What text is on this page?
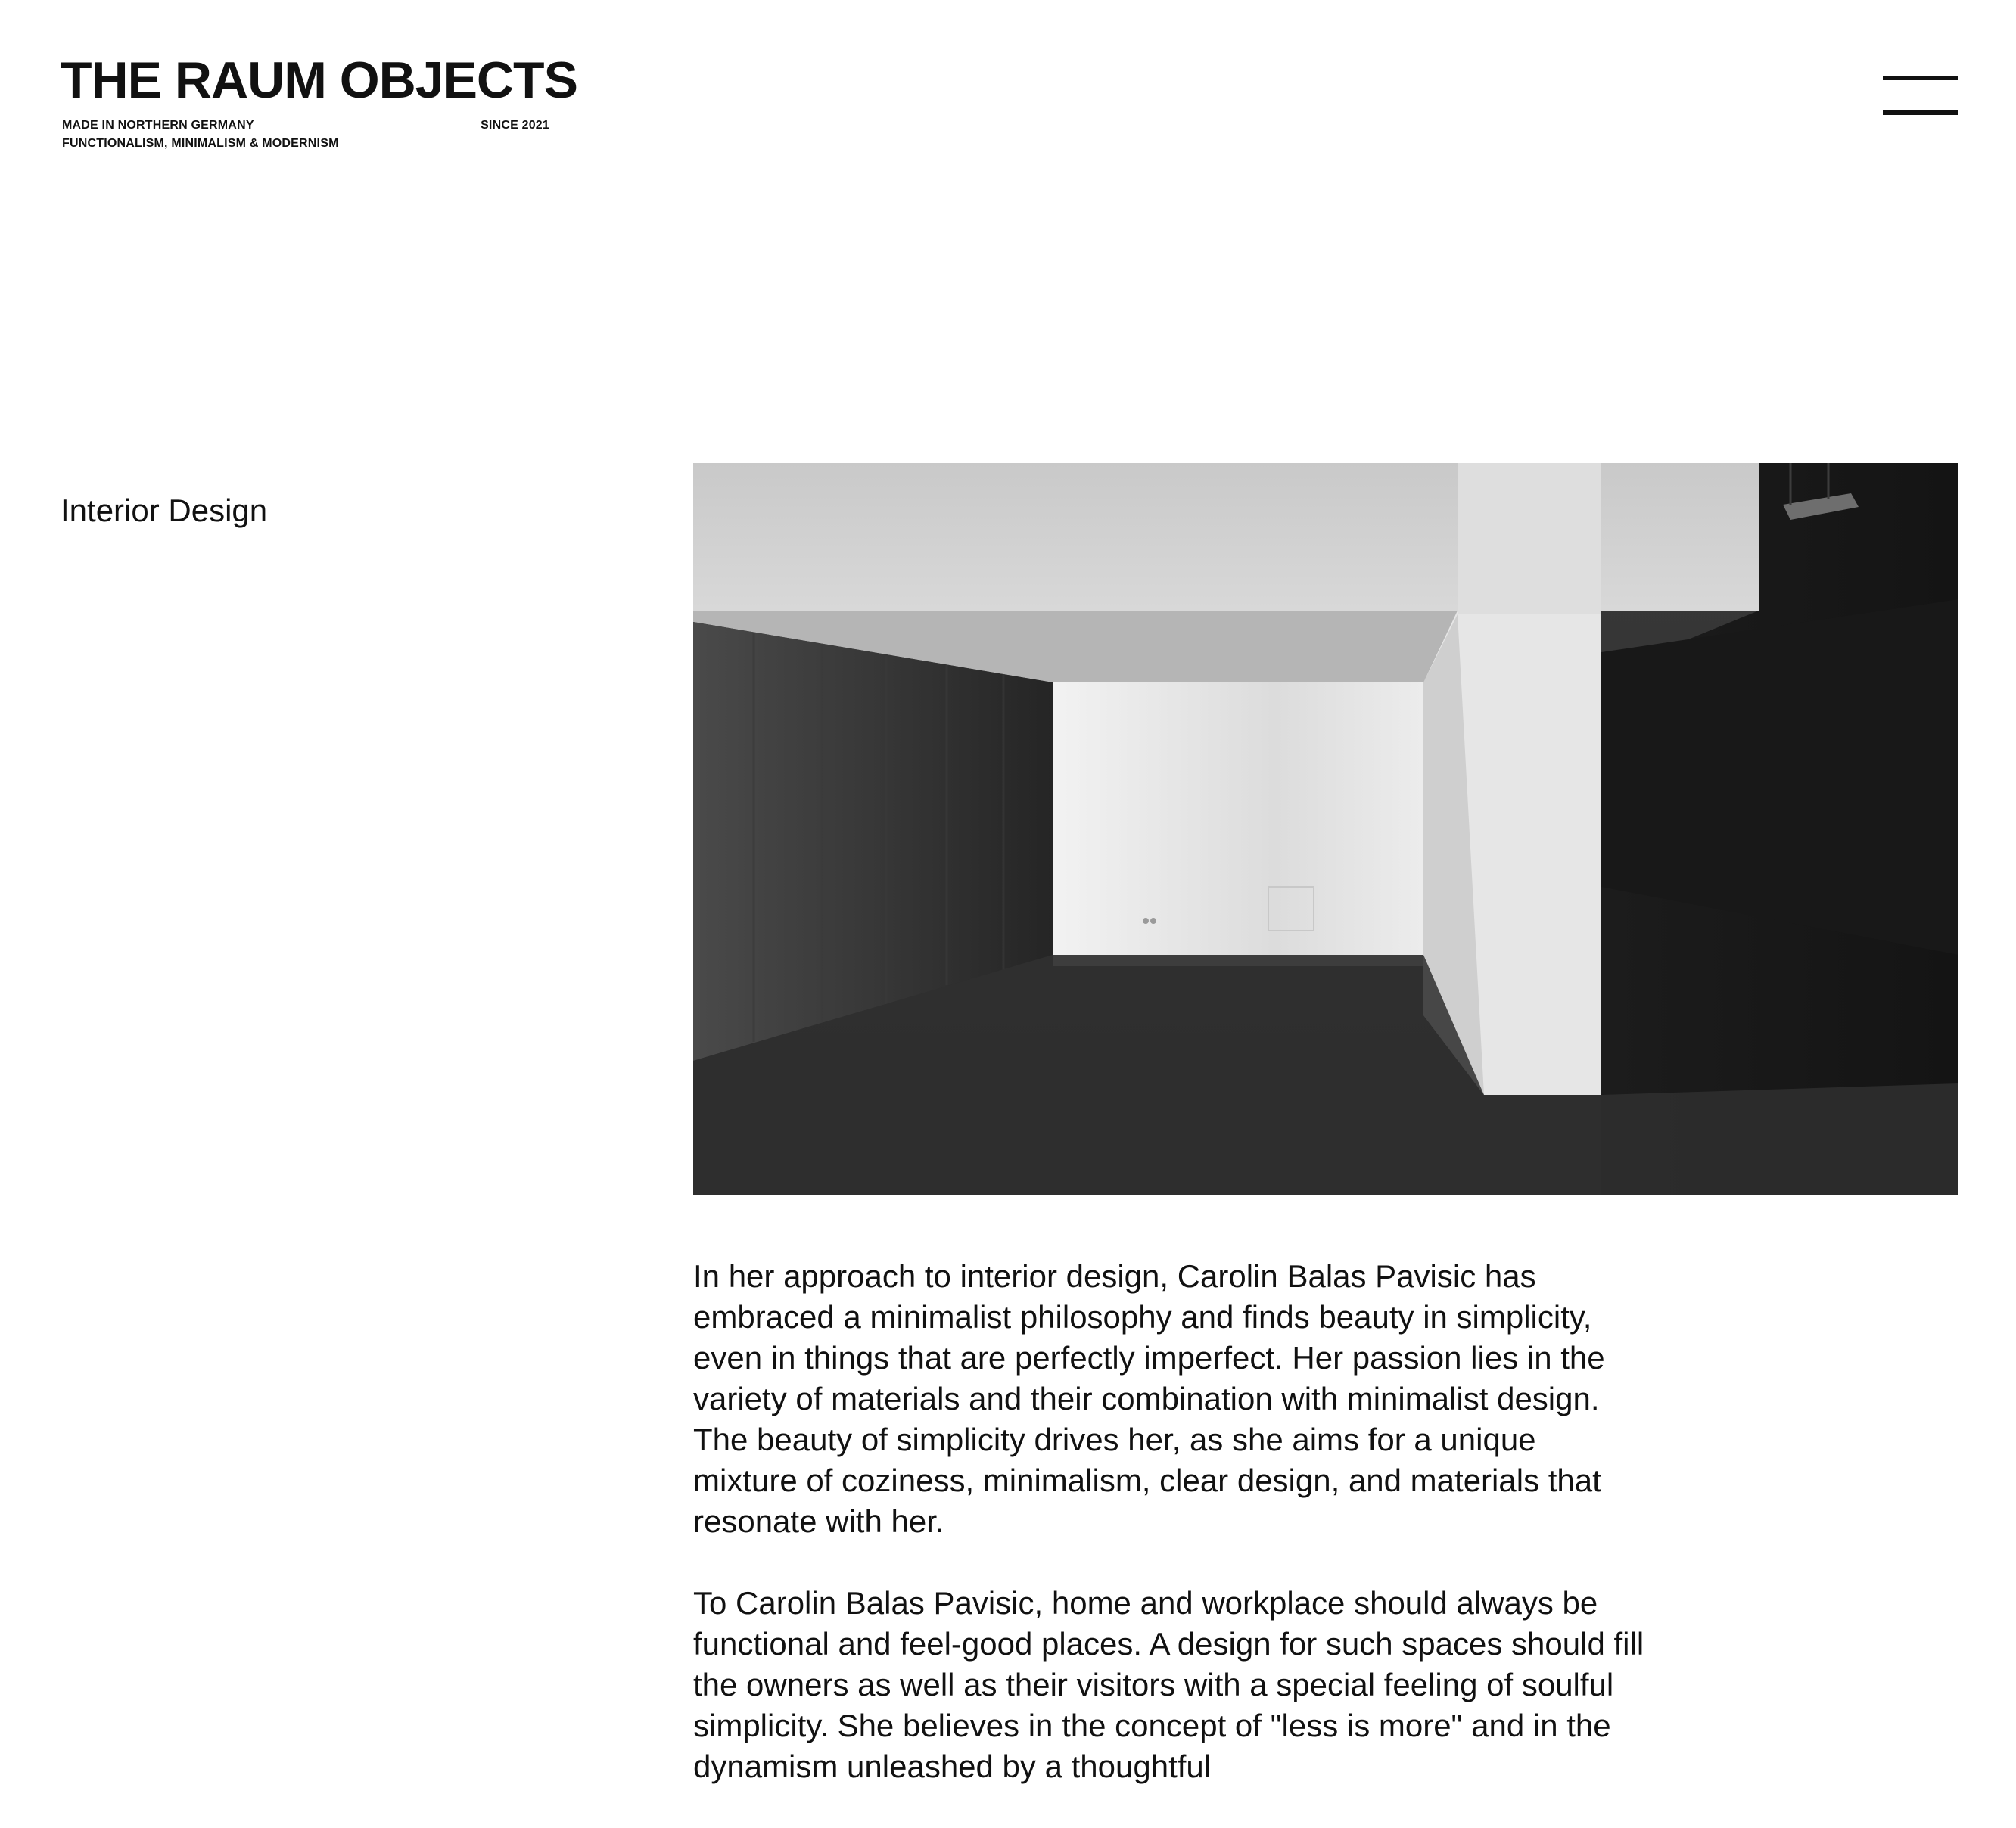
THE RAUM OBJECTS
MADE IN NORTHERN GERMANY
FUNCTIONALISM, MINIMALISM & MODERNISM
SINCE 2021
Interior Design

In her approach to interior design, Carolin Balas Pavisic has embraced a minimalist philosophy and finds beauty in simplicity, even in things that are perfectly imperfect. Her passion lies in the variety of materials and their combination with minimalist design. The beauty of simplicity drives her, as she aims for a unique mixture of coziness, minimalism, clear design, and materials that resonate with her.

To Carolin Balas Pavisic, home and workplace should always be functional and feel-good places. A design for such spaces should fill the owners as well as their visitors with a special feeling of soulful simplicity. She believes in the concept of "less is more" and in the dynamism unleashed by a thoughtful
